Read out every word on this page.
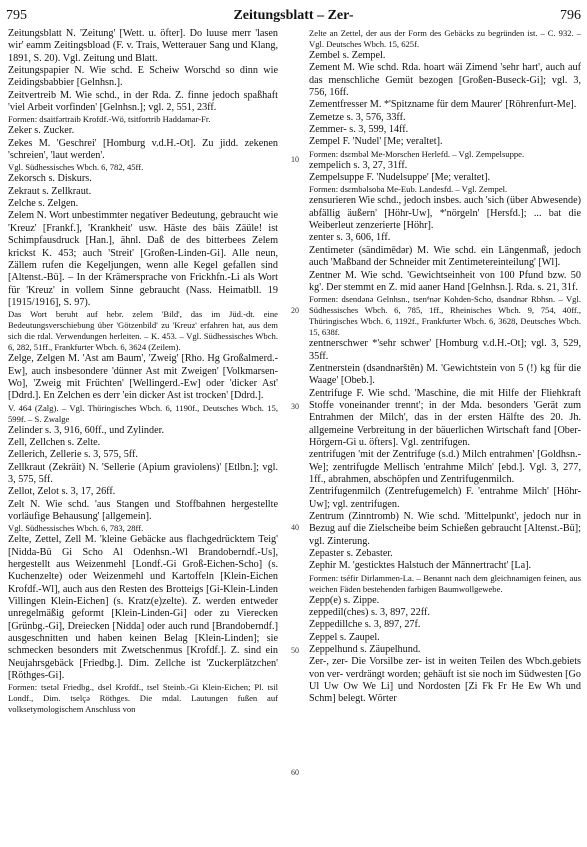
795	Zeitungsblatt – Zer-	796
10
20
30
40
50
60

Zeitungsblatt N. 'Zeitung' [Wett. u. öfter]. Do luuse merr 'lasen wir' eamm Zeitingsbload (F. v. Trais, Wetterauer Sang und Klang, 1891, S. 20). Vgl. Zeitung und Blatt.

Zeitungspapier N. Wie schd. E Scheiw Worschd so dinn wie Zeidingsbabbier [Gelnhsn.].

Zeitvertreib M. Wie schd., in der Rda. Z. finne jedoch spaßhaft 'viel Arbeit vorfinden' [Gelnhsn.]; vgl. 2, 551, 23ff.

Formen: dsaitfərtraib Krofdf.-Wö, tsitfortrib Haddamar-Fr.

Zeker s. Zucker.

Zekes M. 'Geschrei' [Homburg v.d.H.-Ot]. Zu jidd. zekenen 'schreien', 'laut werden'.

Vgl. Südhessisches Wbch. 6, 782, 45ff.

Zekorsch s. Diskurs.

Zekraut s. Zellkraut.

Zelche s. Zelgen.

Zelem N. Wort unbestimmter negativer Bedeutung, gebraucht wie 'Kreuz' [Frankf.], 'Krankheit' usw. Häste des bäis Zäüle! ist Schimpfausdruck [Han.], ähnl. Daß de des bitterbees Zelem krickst K. 453; auch 'Streit' [Großen-Linden-Gi]. Alle neun, Zällem rufen die Kegeljungen, wenn alle Kegel gefallen sind [Altenst.-Bü]. – In der Krämersprache von Frickhfn.-Li als Wort für 'Kreuz' in vollem Sinne gebraucht (Nass. Heimatbll. 19 [1915/1916], S. 97).

Das Wort beruht auf hebr. zelem 'Bild', das im Jüd.-dt. eine Bedeutungsverschiebung über 'Götzenbild' zu 'Kreuz' erfahren hat, aus dem sich die rdal. Verwendungen herleiten. – K. 453. – Vgl. Südhessisches Wbch. 6, 282, 51ff., Frankfurter Wbch. 6, 3624 (Zeilem).

Zelge, Zelgen M. 'Ast am Baum', 'Zweig' [Rho. Hg Großalmerd.-Ew], auch insbesondere 'dünner Ast mit Zweigen' [Volkmarsen-Wo], 'Zweig mit Früchten' [Wellingerd.-Ew] oder 'dicker Ast' [Ddrd.]. En Zelchen es derr 'ein dicker Ast ist trocken' [Ddrd.].

V. 464 (Zalg). – Vgl. Thüringisches Wbch. 6, 1190f., Deutsches Wbch. 15, 599f. – S. Zwalge

Zelinder s. 3, 916, 60ff., und Zylinder.

Zell, Zellchen s. Zelte.

Zellerich, Zellerie s. 3, 575, 5ff.

Zellkraut (Zekräit) N. 'Sellerie (Apium graviolens)' [Etlbn.]; vgl. 3, 575, 5ff.

Zellot, Zelot s. 3, 17, 26ff.

Zelt N. Wie schd. 'aus Stangen und Stoffbahnen hergestellte vorläufige Behausung' [allgemein].

Vgl. Südhessisches Wbch. 6, 783, 28ff.

Zelte, Zettel, Zell M. 'kleine Gebäcke aus flachgedrücktem Teig' [Nidda-Bü Gi Scho Al Odenhsn.-Wl Brandoberndf.-Us], hergestellt aus Weizenmehl [Londf.-Gi Groß-Eichen-Scho] (s. Kuchenzelte) oder Weizenmehl und Kartoffeln [Klein-Eichen Krofdf.-Wl], auch aus den Resten des Brotteigs [Gi-Klein-Linden Villingen Klein-Eichen] (s. Kratz(e)zelte). Z. werden entweder unregelmäßig geformt [Klein-Linden-Gi] oder zu Vierecken [Grünbg.-Gi], Dreiecken [Nidda] oder auch rund [Brandoberndf.] ausgeschnitten und haben keinen Belag [Klein-Linden]; sie schmecken besonders mit Zwetschenmus [Krofdf.]. Z. sind ein Neujahrsgebäck [Friedbg.]. Dim. Zellche ist 'Zuckerplätzchen' [Röthges-Gi].

Formen: tsetəl Friedbg., dsel Krofdf., tsel Steinb.-Gi Klein-Eichen; Pl. tsil Londf., Dim. tselçə Röthges. Die mdal. Lautungen fußen auf volksetymologischem Anschluss von

Zelte an Zettel, der aus der Form des Gebäcks zu begründen ist. – C. 932. – Vgl. Deutsches Wbch. 15, 625f.

Zembel s. Zempel.

Zement M. Wie schd. Rda. hoart wäi Zimend 'sehr hart', auch auf das menschliche Gemüt bezogen [Großen-Buseck-Gi]; vgl. 3, 756, 16ff.

Zementfresser M. *'Spitzname für dem Maurer' [Röhrenfurt-Me].

Zemetze s. 3, 576, 33ff.

Zemmer- s. 3, 599, 14ff.

Zempel F. 'Nudel' [Me; veraltet].

Formen: dsɛmbəl Me-Morschen Herlefd. – Vgl. Zempelsuppe.

zempelich s. 3, 27, 31ff.

Zempelsuppe F. 'Nudelsuppe' [Me; veraltet].

Formen: dsɛmbəlsoba Me-Eub. Landesfd. – Vgl. Zempel.

zensurieren Wie schd., jedoch insbes. auch 'sich (über Abwesende) abfällig äußern' [Höhr-Uw], *'nörgeln' [Hersfd.]; ... bat die Weiberleut zenzerierte [Höhr].

zenter s. 3, 606, 1ff.

Zentimeter (sändimēdər) M. Wie schd. ein Längenmaß, jedoch auch 'Maßband der Schneider mit Zentimetereinteilung' [Wl].

Zentner M. Wie schd. 'Gewichtseinheit von 100 Pfund bzw. 50 kg'. Der stemmt en Z. mid aaner Hand [Gelnhsn.]. Rda. s. 21, 31f.

Formen: dsendənə Gelnhsn., tsenᵈnər Kohden-Scho, dsandnər Rbhsn. – Vgl. Südhessisches Wbch. 6, 785, 1ff., Rheinisches Wbch. 9, 754, 40ff., Thüringisches Wbch. 6, 1192f., Frankfurter Wbch. 6, 3628, Deutsches Wbch. 15, 638f.

zentnerschwer *'sehr schwer' [Homburg v.d.H.-Ot]; vgl. 3, 529, 35ff.

Zentnerstein (dsəndnərštēn) M. 'Gewichtstein von 5 (!) kg für die Waage' [Obeb.].

Zentrifuge F. Wie schd. 'Maschine, die mit Hilfe der Fliehkraft Stoffe voneinander trennt'; in der Mda. besonders 'Gerät zum Entrahmen der Milch', das in der ersten Hälfte des 20. Jh. allgemeine Verbreitung in der bäuerlichen Wirtschaft fand [Ober-Hörgern-Gi u. öfters]. Vgl. zentrifugen.

zentrifugen 'mit der Zentrifuge (s.d.) Milch entrahmen' [Goldhsn.-We]; zentrifugde Mellisch 'entrahme Milch' [ebd.]. Vgl. 3, 277, 1ff., abrahmen, abschöpfen und Zentrifugenmilch.

Zentrifugenmilch (Zentrefugemelch) F. 'entrahme Milch' [Höhr-Uw]; vgl. zentrifugen.

Zentrum (Zinntromb) N. Wie schd. 'Mittelpunkt', jedoch nur in Bezug auf die Zielscheibe beim Schießen gebraucht [Altenst.-Bü]; vgl. Zinterung.

Zepaster s. Zebaster.

Zephir M. 'gesticktes Halstuch der Männertracht' [La].

Formen: tséfir Dirlammen-La. – Benannt nach dem gleichnamigen feinen, aus weichen Fäden bestehenden farbigen Baumwollgewebe.

Zepp(e) s. Zippe.

zeppedil(ches) s. 3, 897, 22ff.

Zeppedillche s. 3, 897, 27f.

Zeppel s. Zaupel.

Zeppelhund s. Zäupelhund.

Zer-, zer- Die Vorsilbe zer- ist in weiten Teilen des Wbch.gebiets von ver- verdrängt worden; gehäuft ist sie noch im Südwesten [Go Ul Uw Ow We Li] und Nordosten [Zi Fk Fr He Ew Wh und Schm] belegt. Wörter
